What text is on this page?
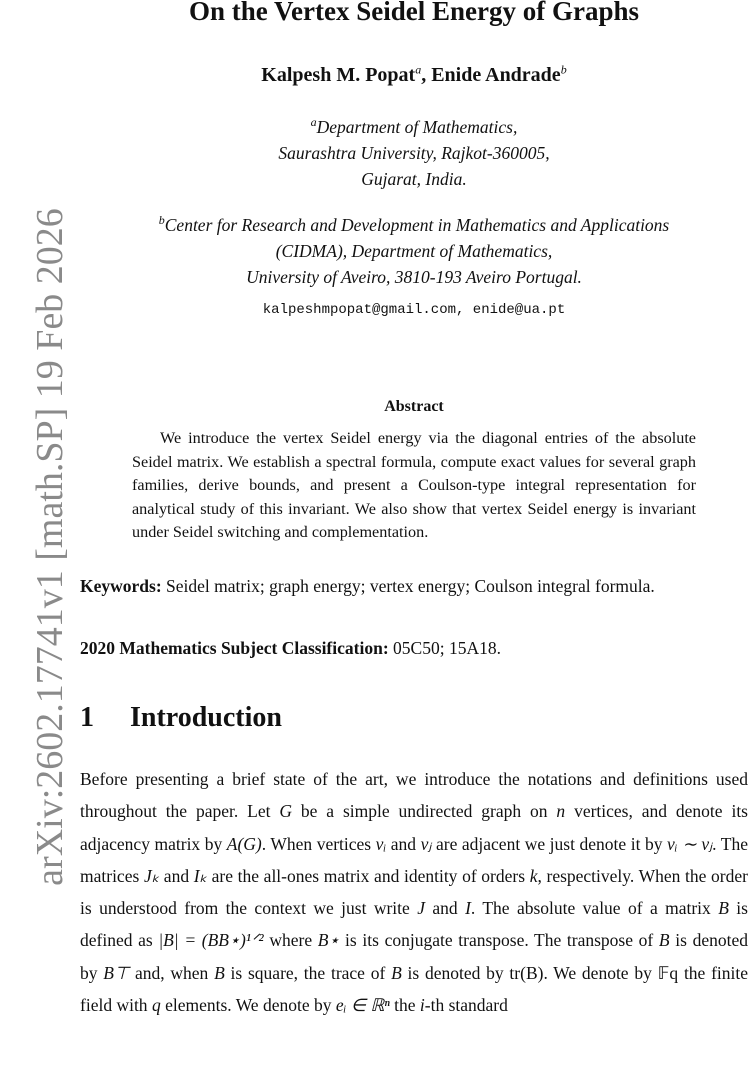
arXiv:2602.17741v1 [math.SP] 19 Feb 2026
On the Vertex Seidel Energy of Graphs
Kalpesh M. Popat$^a$, Enide Andrade$^b$
$^a$Department of Mathematics,
Saurashtra University, Rajkot-360005,
Gujarat, India.
$^b$Center for Research and Development in Mathematics and Applications
(CIDMA), Department of Mathematics,
University of Aveiro, 3810-193 Aveiro Portugal.
kalpeshmpopat@gmail.com, enide@ua.pt
Abstract
We introduce the vertex Seidel energy via the diagonal entries of the absolute Seidel matrix. We establish a spectral formula, compute exact values for several graph families, derive bounds, and present a Coulson-type integral representation for analytical study of this invariant. We also show that vertex Seidel energy is invariant under Seidel switching and complementation.
Keywords: Seidel matrix; graph energy; vertex energy; Coulson integral formula.
2020 Mathematics Subject Classification: 05C50; 15A18.
1 Introduction

Before presenting a brief state of the art, we introduce the notations and definitions used throughout the paper. Let G be a simple undirected graph on n vertices, and denote its adjacency matrix by A(G). When vertices vᵢ and vⱼ are adjacent we just denote it by vᵢ ∼ vⱼ. The matrices Jₖ and Iₖ are the all-ones matrix and identity of orders k, respectively. When the order is understood from the context we just write J and I. The absolute value of a matrix B is defined as |B| = (BB⋆)¹ᐟ² where B⋆ is its conjugate transpose. The transpose of B is denoted by B⊤ and, when B is square, the trace of B is denoted by tr(B). We denote by 𝔽q the finite field with q elements. We denote by eᵢ ∈ ℝⁿ the i-th standard
